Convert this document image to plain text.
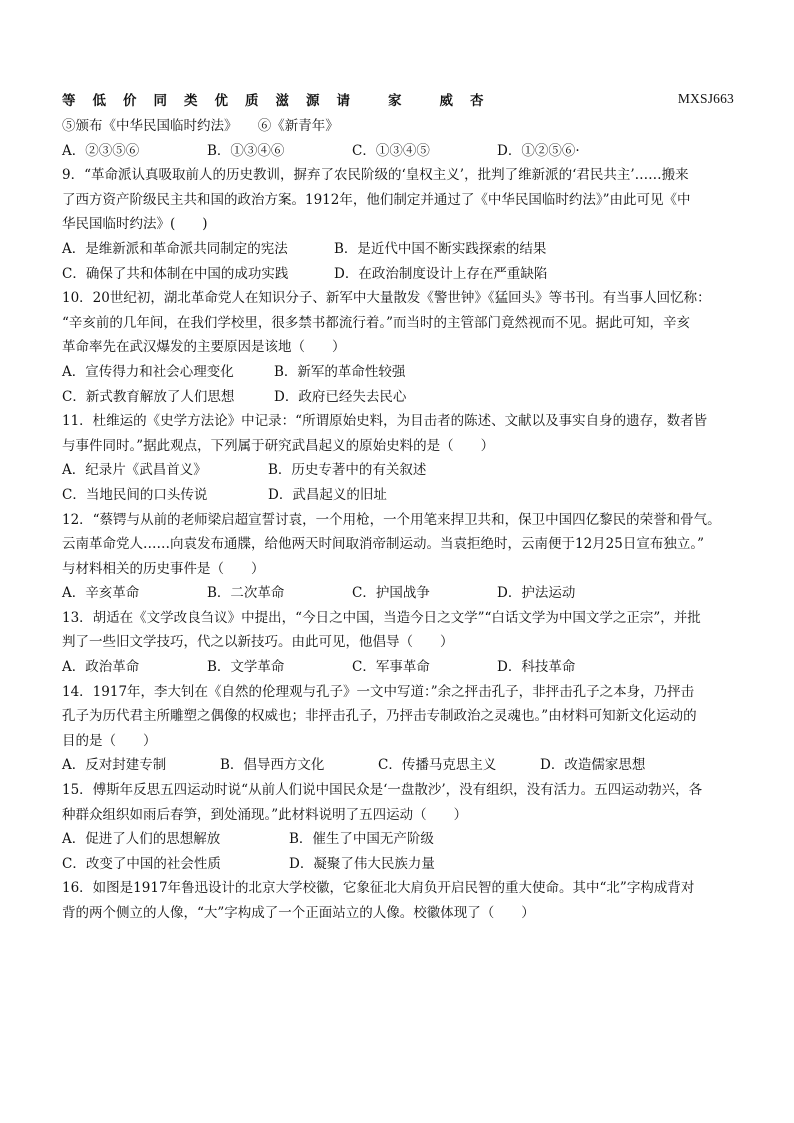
等 低 价 同 类 优 质 滋 源 请	家	威 杏	MXSJ663
⑤颁布《中华民国临时约法》　　⑥《新青年》
A．②③⑤⑥	B．①③④⑥	C．①③④⑤	D．①②⑤⑥·
9．“革命派认真吸取前人的历史教训，摒弃了农民阶级的‘皇权主义’，批判了维新派的‘君民共主’……搬来
了西方资产阶级民主共和国的政治方案。1912年，他们制定并通过了《中华民国临时约法》”由此可见《中
华民国临时约法》(　　)
A．是维新派和革命派共同制定的宪法	B．是近代中国不断实践探索的结果
C．确保了共和体制在中国的成功实践	D．在政治制度设计上存在严重缺陷
10．20世纪初，湖北革命党人在知识分子、新军中大量散发《警世钟》《猛回头》等书刊。有当事人回忆称：
“辛亥前的几年间，在我们学校里，很多禁书都流行着。”而当时的主管部门竟然视而不见。据此可知，辛亥
革命率先在武汉爆发的主要原因是该地（　　）
A．宣传得力和社会心理变化	B．新军的革命性较强
C．新式教育解放了人们思想	D．政府已经失去民心
11．杜维运的《史学方法论》中记录：“所谓原始史料，为目击者的陈述、文献以及事实自身的遗存，数者皆
与事件同时。”据此观点，下列属于研究武昌起义的原始史料的是（　　）
A．纪录片《武昌首义》	B．历史专著中的有关叙述
C．当地民间的口头传说	D．武昌起义的旧址
12．“蔡锷与从前的老师梁启超宣誓讨袁，一个用枪，一个用笔来捍卫共和，保卫中国四亿黎民的荣誉和骨气。
云南革命党人……向袁发布通牒，给他两天时间取消帝制运动。当袁拒绝时，云南便于12月25日宣布独立。”
与材料相关的历史事件是（　　）
A．辛亥革命	B．二次革命	C．护国战争	D．护法运动
13．胡适在《文学改良刍议》中提出，“今日之中国，当造今日之文学”“白话文学为中国文学之正宗”，并批
判了一些旧文学技巧，代之以新技巧。由此可见，他倡导（　　）
A．政治革命	B．文学革命	C．军事革命	D．科技革命
14．1917年，李大钊在《自然的伦理观与孔子》一文中写道：”余之抨击孔子，非抨击孔子之本身，乃抨击
孔子为历代君主所雕塑之偶像的权威也；非抨击孔子，乃抨击专制政治之灵魂也。”由材料可知新文化运动的
目的是（　　）
A．反对封建专制	B．倡导西方文化	C．传播马克思主义	D．改造儒家思想
15．傅斯年反思五四运动时说“从前人们说中国民众是‘一盘散沙’，没有组织，没有活力。五四运动勃兴，各
种群众组织如雨后春笋，到处涌现。”此材料说明了五四运动（　　）
A．促进了人们的思想解放	B．催生了中国无产阶级
C．改变了中国的社会性质	D．凝聚了伟大民族力量
16．如图是1917年鲁迅设计的北京大学校徽，它象征北大肩负开启民智的重大使命。其中“北”字构成背对
背的两个侧立的人像，“大”字构成了一个正面站立的人像。校徽体现了（　　）
